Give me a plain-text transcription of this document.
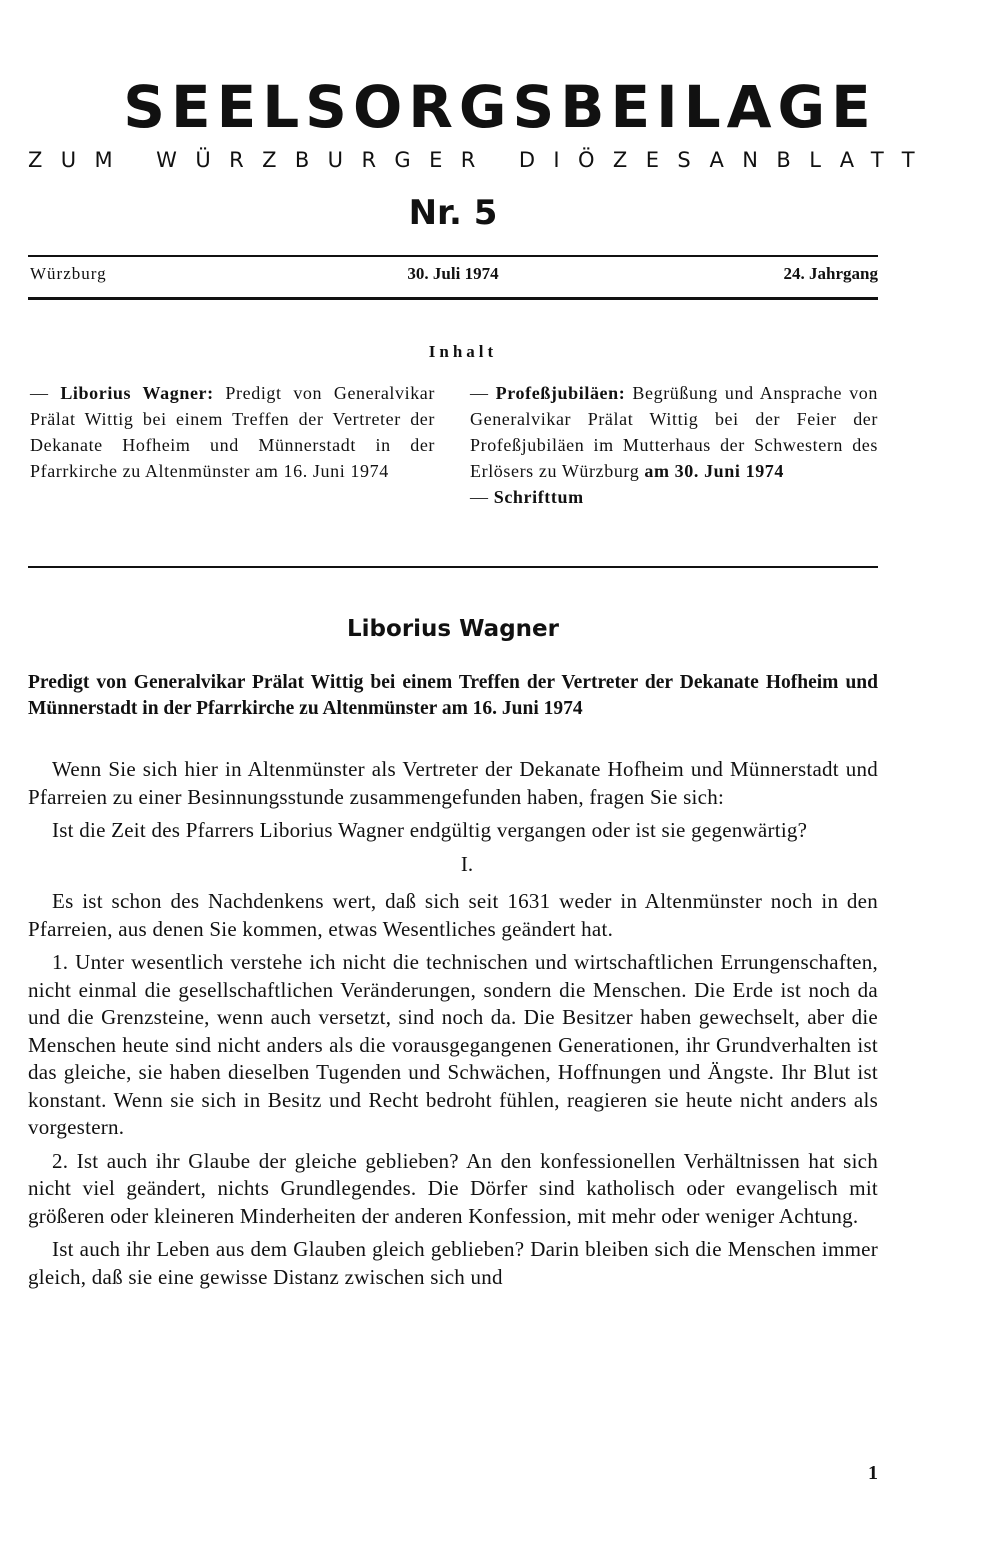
SEELSORGSBEILAGE
ZUM WÜRZBURGER DIÖZESANBLATT
Nr. 5
Würzburg	30. Juli 1974	24. Jahrgang
Inhalt

— Liborius Wagner: Predigt von Generalvikar Prälat Wittig bei einem Treffen der Vertreter der Dekanate Hofheim und Münnerstadt in der Pfarrkirche zu Altenmünster am 16. Juni 1974

— Profeßjubiläen: Begrüßung und Ansprache von Generalvikar Prälat Wittig bei der Feier der Profeßjubiläen im Mutterhaus der Schwestern des Erlösers zu Würzburg am 30. Juni 1974

— Schrifttum

Liborius Wagner

Predigt von Generalvikar Prälat Wittig bei einem Treffen der Vertreter der Dekanate Hofheim und Münnerstadt in der Pfarrkirche zu Altenmünster am 16. Juni 1974

Wenn Sie sich hier in Altenmünster als Vertreter der Dekanate Hofheim und Münnerstadt und Pfarreien zu einer Besinnungsstunde zusammengefunden haben, fragen Sie sich:

Ist die Zeit des Pfarrers Liborius Wagner endgültig vergangen oder ist sie gegenwärtig?

I.

Es ist schon des Nachdenkens wert, daß sich seit 1631 weder in Altenmünster noch in den Pfarreien, aus denen Sie kommen, etwas Wesentliches geändert hat.

1. Unter wesentlich verstehe ich nicht die technischen und wirtschaftlichen Errungenschaften, nicht einmal die gesellschaftlichen Veränderungen, sondern die Menschen. Die Erde ist noch da und die Grenzsteine, wenn auch versetzt, sind noch da. Die Besitzer haben gewechselt, aber die Menschen heute sind nicht anders als die vorausgegangenen Generationen, ihr Grundverhalten ist das gleiche, sie haben dieselben Tugenden und Schwächen, Hoffnungen und Ängste. Ihr Blut ist konstant. Wenn sie sich in Besitz und Recht bedroht fühlen, reagieren sie heute nicht anders als vorgestern.

2. Ist auch ihr Glaube der gleiche geblieben? An den konfessionellen Verhältnissen hat sich nicht viel geändert, nichts Grundlegendes. Die Dörfer sind katholisch oder evangelisch mit größeren oder kleineren Minderheiten der anderen Konfession, mit mehr oder weniger Achtung.

Ist auch ihr Leben aus dem Glauben gleich geblieben? Darin bleiben sich die Menschen immer gleich, daß sie eine gewisse Distanz zwischen sich und

1
